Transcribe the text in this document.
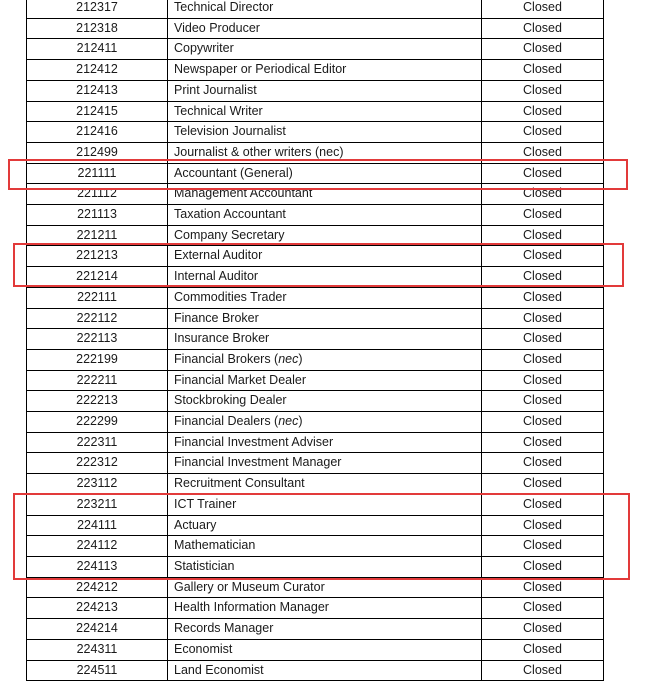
212317	Technical Director	Closed
212318	Video Producer	Closed
212411	Copywriter	Closed
212412	Newspaper or Periodical Editor	Closed
212413	Print Journalist	Closed
212415	Technical Writer	Closed
212416	Television Journalist	Closed
212499	Journalist & other writers (nec)	Closed
221111	Accountant (General)	Closed
221112	Management Accountant	Closed
221113	Taxation Accountant	Closed
221211	Company Secretary	Closed
221213	External Auditor	Closed
221214	Internal Auditor	Closed
222111	Commodities Trader	Closed
222112	Finance Broker	Closed
222113	Insurance Broker	Closed
222199	Financial Brokers (nec)	Closed
222211	Financial Market Dealer	Closed
222213	Stockbroking Dealer	Closed
222299	Financial Dealers (nec)	Closed
222311	Financial Investment Adviser	Closed
222312	Financial Investment Manager	Closed
223112	Recruitment Consultant	Closed
223211	ICT Trainer	Closed
224111	Actuary	Closed
224112	Mathematician	Closed
224113	Statistician	Closed
224212	Gallery or Museum Curator	Closed
224213	Health Information Manager	Closed
224214	Records Manager	Closed
224311	Economist	Closed
224511	Land Economist	Closed
